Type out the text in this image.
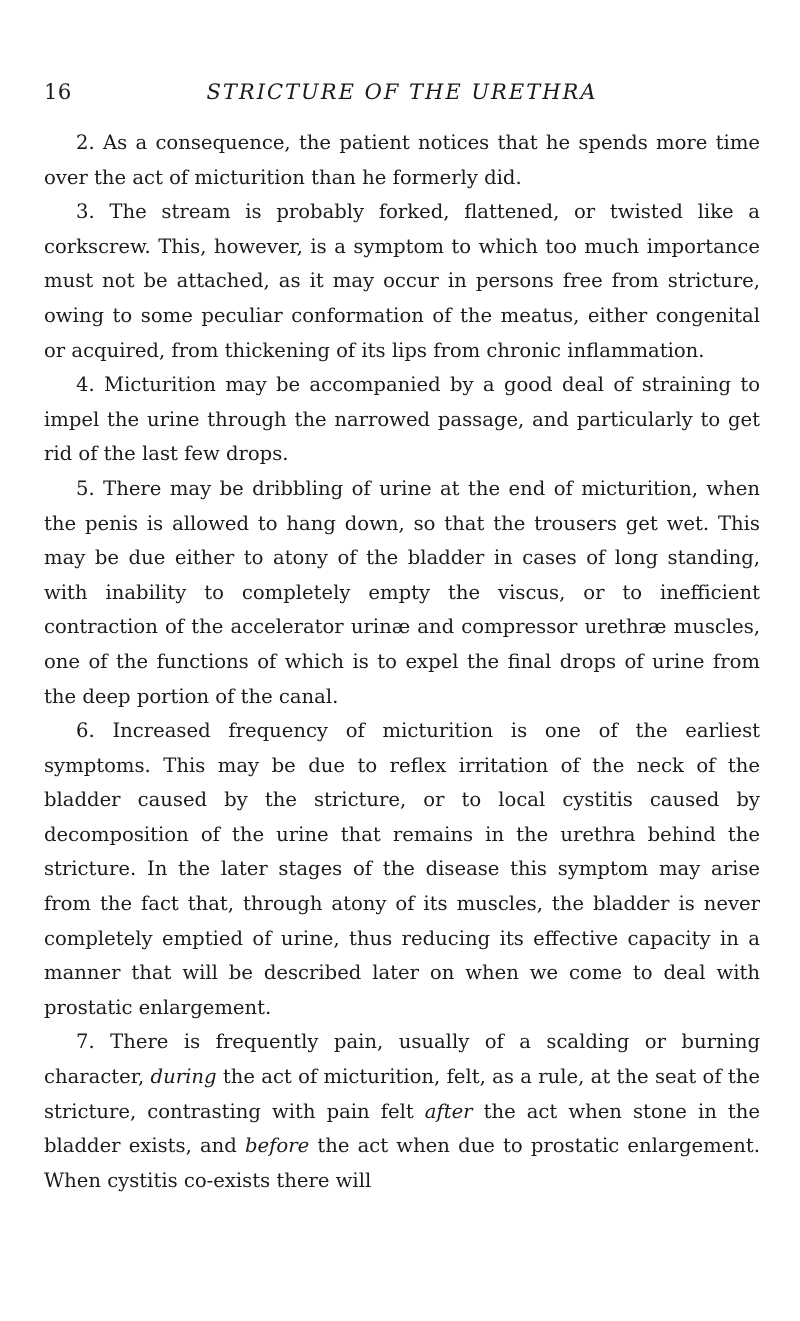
16	STRICTURE OF THE URETHRA

2. As a consequence, the patient notices that he spends more time over the act of micturition than he formerly did.

3. The stream is probably forked, flattened, or twisted like a corkscrew. This, however, is a symptom to which too much importance must not be attached, as it may occur in persons free from stricture, owing to some peculiar conformation of the meatus, either congenital or acquired, from thickening of its lips from chronic inflammation.

4. Micturition may be accompanied by a good deal of straining to impel the urine through the narrowed passage, and particularly to get rid of the last few drops.

5. There may be dribbling of urine at the end of micturition, when the penis is allowed to hang down, so that the trousers get wet. This may be due either to atony of the bladder in cases of long standing, with inability to completely empty the viscus, or to inefficient contraction of the accelerator urinæ and compressor urethræ muscles, one of the functions of which is to expel the final drops of urine from the deep portion of the canal.

6. Increased frequency of micturition is one of the earliest symptoms. This may be due to reflex irritation of the neck of the bladder caused by the stricture, or to local cystitis caused by decomposition of the urine that remains in the urethra behind the stricture. In the later stages of the disease this symptom may arise from the fact that, through atony of its muscles, the bladder is never completely emptied of urine, thus reducing its effective capacity in a manner that will be described later on when we come to deal with prostatic enlargement.

7. There is frequently pain, usually of a scalding or burning character, during the act of micturition, felt, as a rule, at the seat of the stricture, contrasting with pain felt after the act when stone in the bladder exists, and before the act when due to prostatic enlargement. When cystitis co-exists there will
